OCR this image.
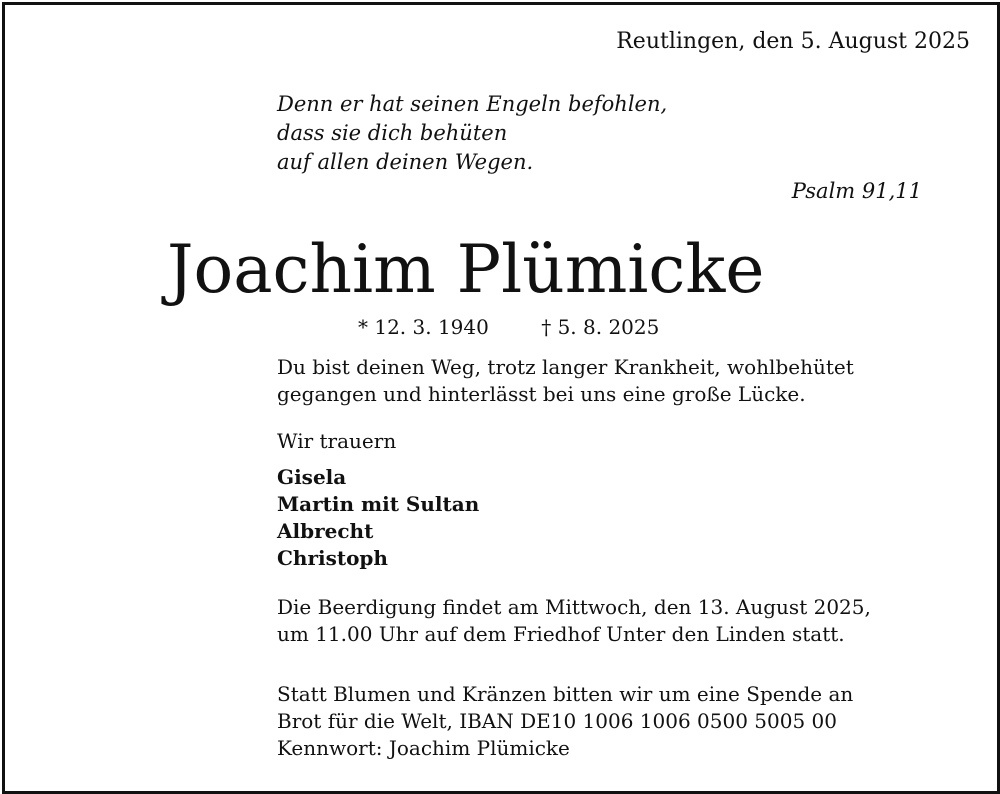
Reutlingen, den 5. August 2025
Denn er hat seinen Engeln befohlen,
dass sie dich behüten
auf allen deinen Wegen.
Psalm 91,11
Joachim Plümicke
* 12. 3. 1940	† 5. 8. 2025
Du bist deinen Weg, trotz langer Krankheit, wohlbehütet
gegangen und hinterlässt bei uns eine große Lücke.
Wir trauern
Gisela
Martin mit Sultan
Albrecht
Christoph
Die Beerdigung findet am Mittwoch, den 13. August 2025,
um 11.00 Uhr auf dem Friedhof Unter den Linden statt.
Statt Blumen und Kränzen bitten wir um eine Spende an
Brot für die Welt, IBAN DE10 1006 1006 0500 5005 00
Kennwort: Joachim Plümicke
